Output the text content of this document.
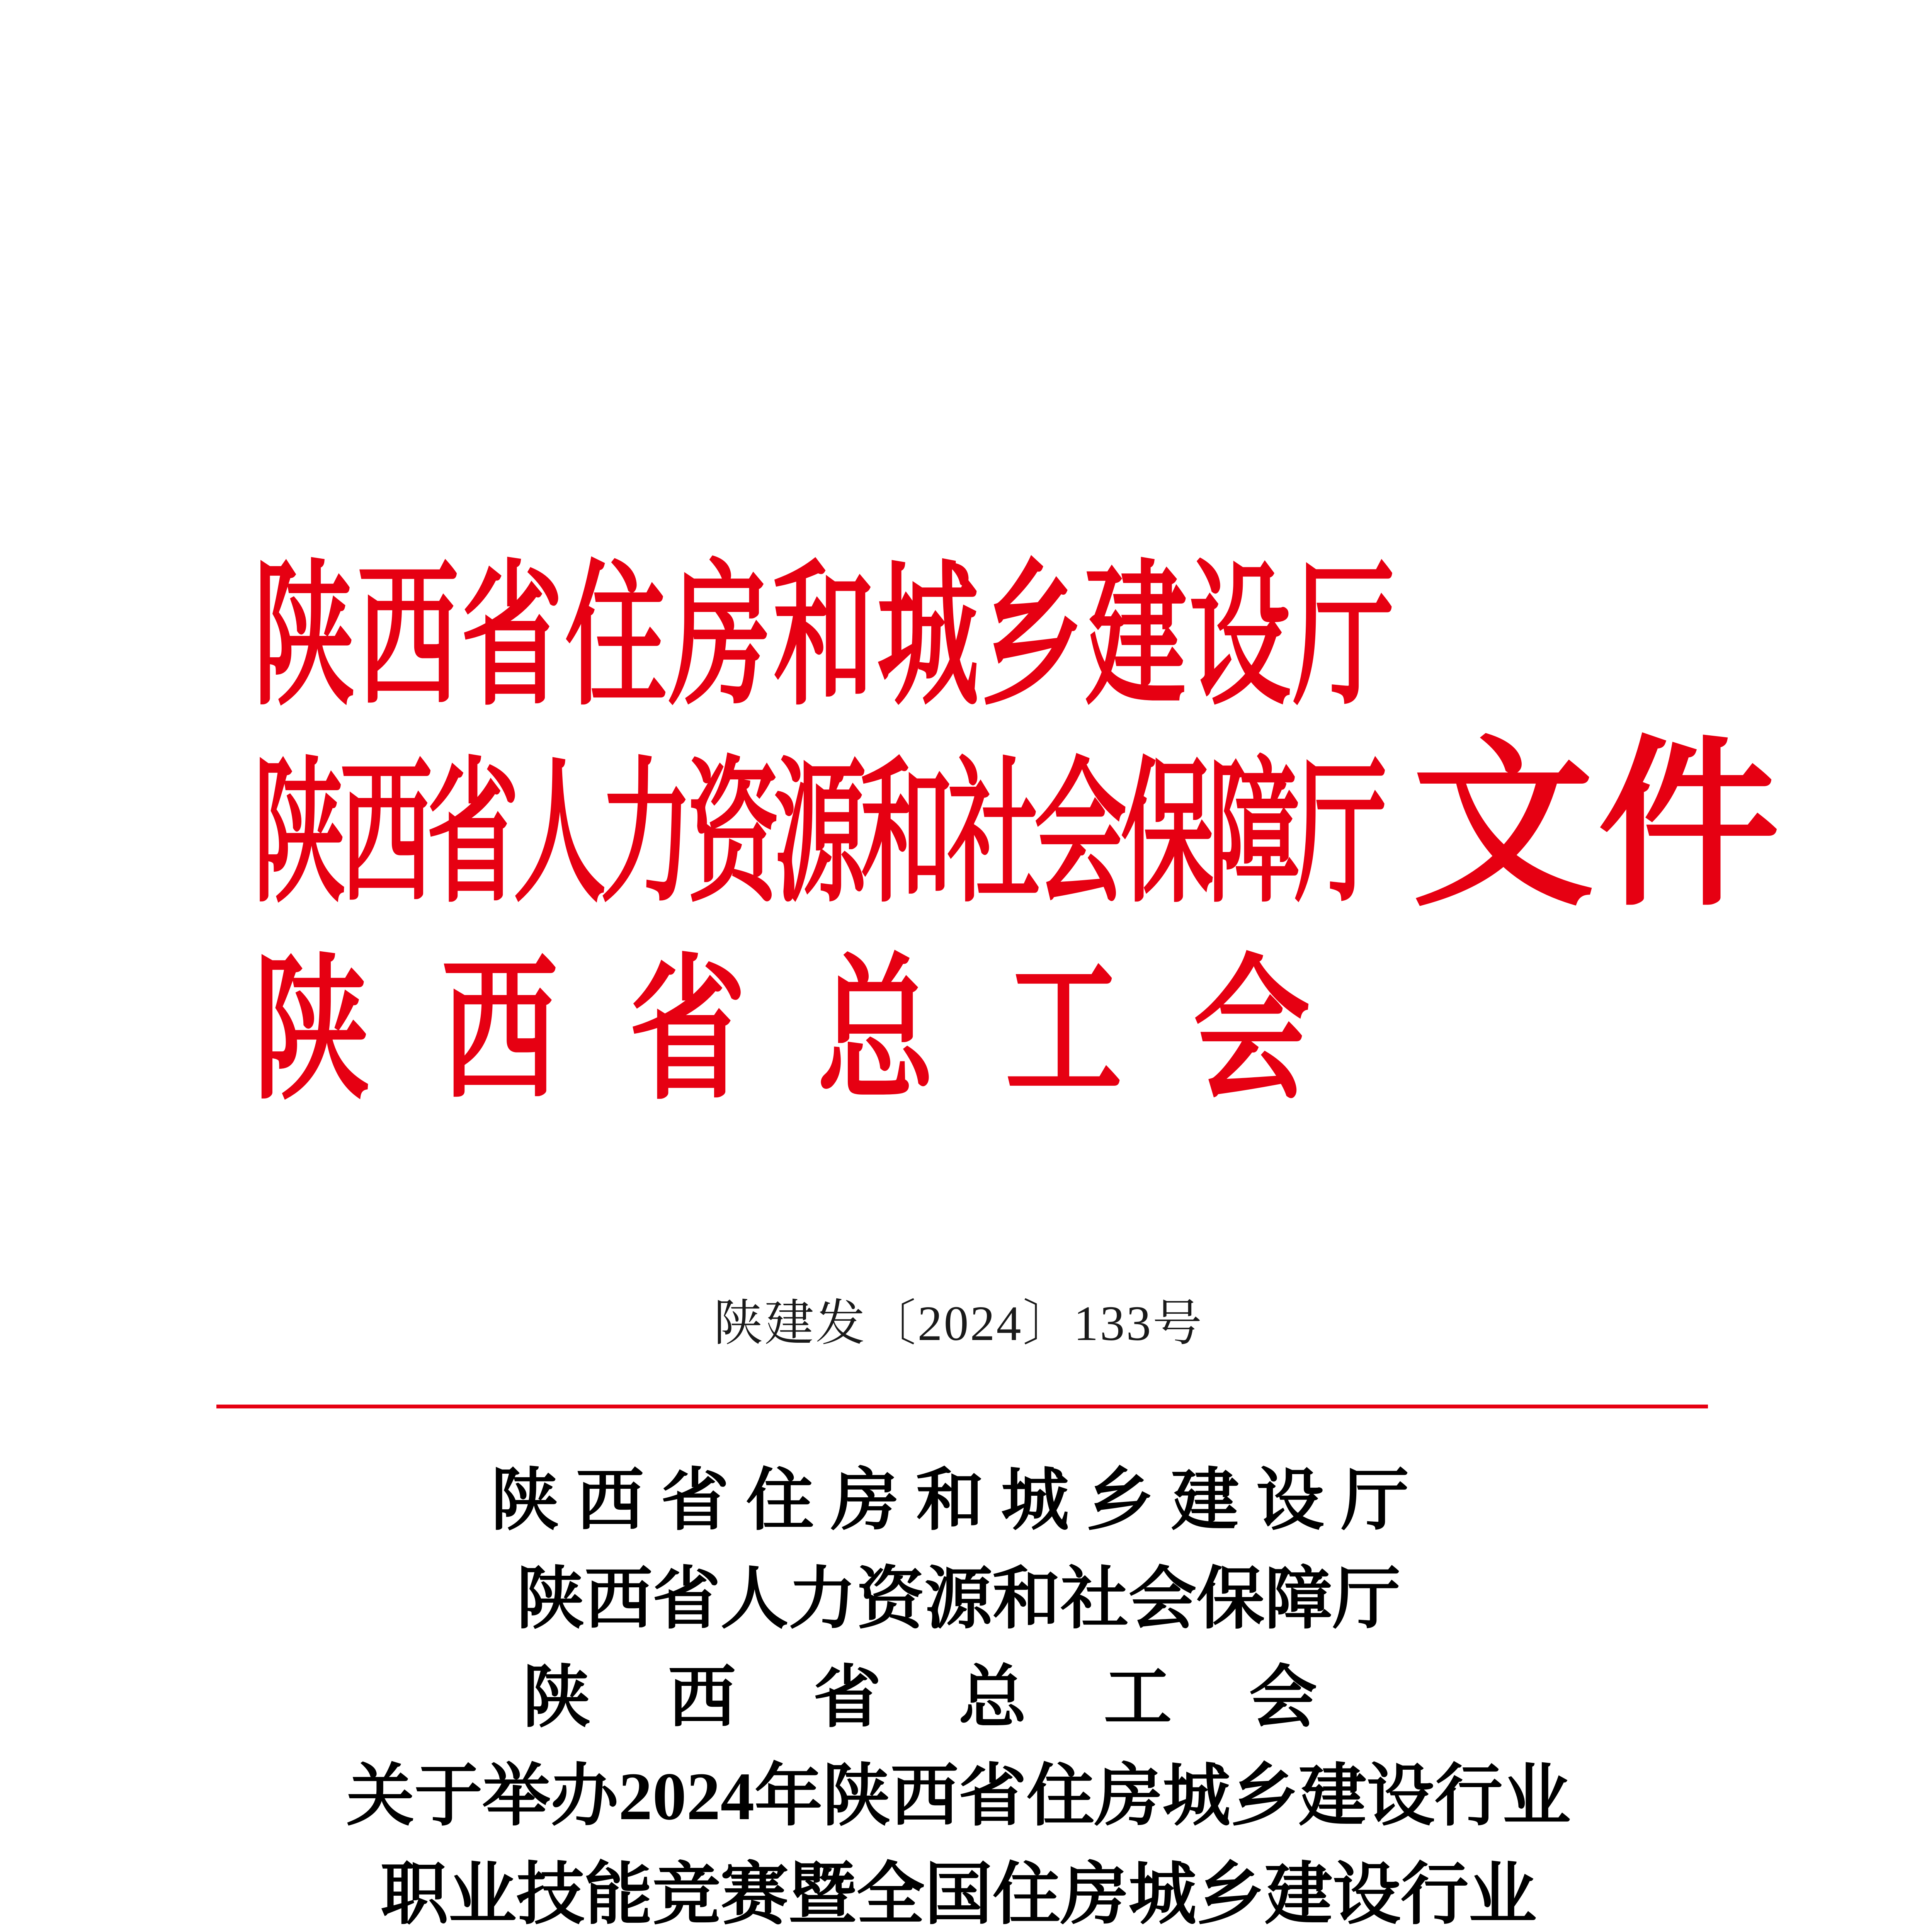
陕西省住房和城乡建设厅
陕西省人力资源和社会保障厅
陕西省总工会
文件
陕建发〔2024〕133号
陕西省住房和城乡建设厅
陕西省人力资源和社会保障厅
陕西省总工会
关于举办2024年陕西省住房城乡建设行业
职业技能竞赛暨全国住房城乡建设行业
